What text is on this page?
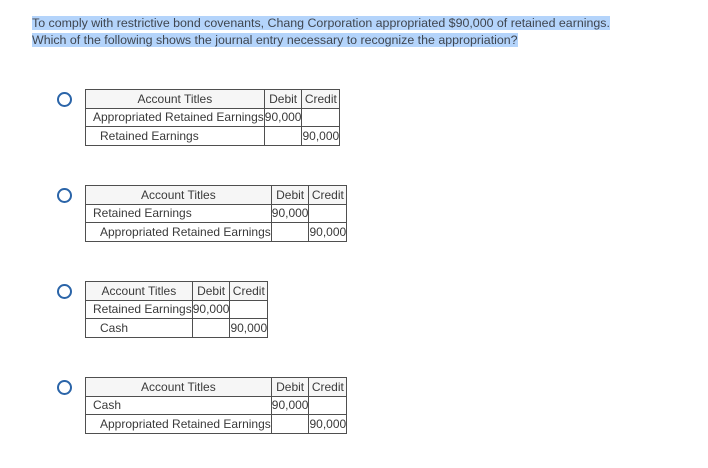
To comply with restrictive bond covenants, Chang Corporation appropriated $90,000 of retained earnings.
Which of the following shows the journal entry necessary to recognize the appropriation?
Account Titles	Debit	Credit
Appropriated Retained Earnings	90,000	
Retained Earnings		90,000
Account Titles	Debit	Credit
Retained Earnings	90,000	
Appropriated Retained Earnings		90,000
Account Titles	Debit	Credit
Retained Earnings	90,000	
Cash		90,000
Account Titles	Debit	Credit
Cash	90,000	
Appropriated Retained Earnings		90,000
